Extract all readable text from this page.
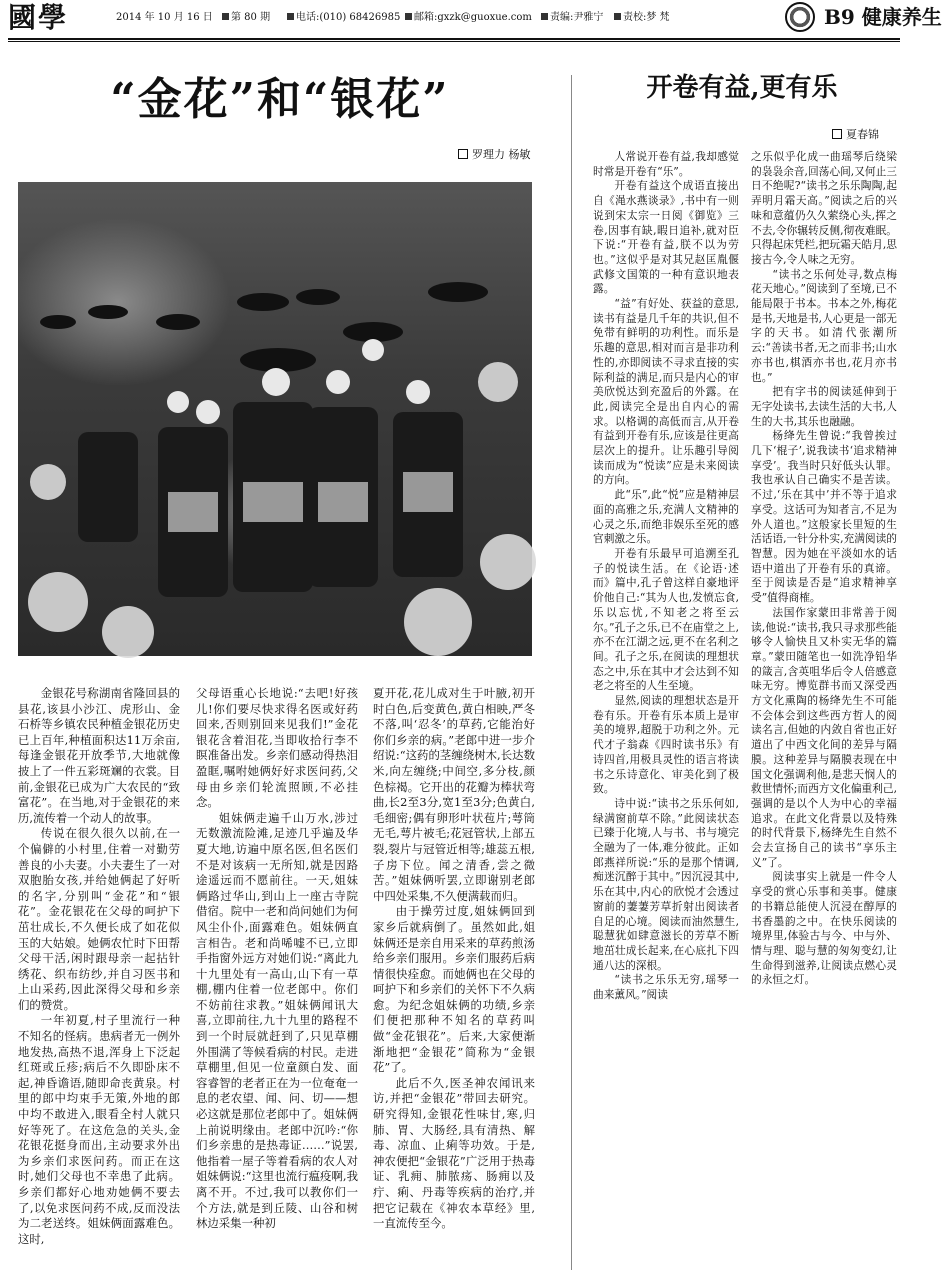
國學	2014 年 10 月 16 日	第 80 期	电话:(010) 68426985	邮箱:gxzk@guoxue.com	责编:尹雅宁	责校:梦 梵	B9 健康养生
“金花”和“银花”
罗理力 杨敏

金银花号称湖南省隆回县的县花,该县小沙江、虎形山、金石桥等乡镇农民种植金银花历史已上百年,种植面积达11万余亩,每逢金银花开放季节,大地就像披上了一件五彩斑斓的衣裳。目前,金银花已成为广大农民的“致富花”。在当地,对于金银花的来历,流传着一个动人的故事。

传说在很久很久以前,在一个偏僻的小村里,住着一对勤劳善良的小夫妻。小夫妻生了一对双胞胎女孩,并给她俩起了好听的名字,分别叫“金花”和“银花”。金花银花在父母的呵护下茁壮成长,不久便长成了如花似玉的大姑娘。她俩农忙时下田帮父母干活,闲时跟母亲一起拈针绣花、织布纺纱,并自习医书和上山采药,因此深得父母和乡亲们的赞赏。

一年初夏,村子里流行一种不知名的怪病。患病者无一例外地发热,高热不退,浑身上下泛起红斑或丘疹;病后不久即卧床不起,神昏谵语,随即命丧黄泉。村里的郎中均束手无策,外地的郎中均不敢进入,眼看全村人就只好等死了。在这危急的关头,金花银花挺身而出,主动要求外出为乡亲们求医问药。而正在这时,她们父母也不幸患了此病。乡亲们都好心地劝她俩不要去了,以免求医问药不成,反而没法为二老送终。姐妹俩面露难色。这时,

父母语重心长地说:“去吧!好孩儿!你们要尽快求得名医或好药回来,否则别回来见我们!”金花银花含着泪花,当即收拾行李不瞑准备出发。乡亲们感动得热泪盈眶,嘱咐她俩好好求医问药,父母由乡亲们轮流照顾,不必挂念。

姐妹俩走遍千山万水,涉过无数激流险滩,足迹几乎遍及华夏大地,访遍中原名医,但名医们不是对该病一无所知,就是因路途遥远而不愿前往。一天,姐妹俩路过华山,到山上一座古寺院借宿。院中一老和尚问她们为何风尘仆仆,面露难色。姐妹俩直言相告。老和尚唏嘘不已,立即手指窗外远方对她们说:“离此九十九里处有一高山,山下有一草棚,棚内住着一位老郎中。你们不妨前往求教。”姐妹俩闻讯大喜,立即前往,九十九里的路程不到一个时辰就赶到了,只见草棚外围满了等候看病的村民。走进草棚里,但见一位童颜白发、面容睿智的老者正在为一位奄奄一息的老农望、闻、问、切——想必这就是那位老郎中了。姐妹俩上前说明缘由。老郎中沉吟:“你们乡亲患的是热毒证……”说罢,他指着一屋子等着看病的农人对姐妹俩说:“这里也流行瘟疫啊,我离不开。不过,我可以教你们一个方法,就是到丘陵、山谷和树林边采集一种初

夏开花,花儿成对生于叶腋,初开时白色,后变黄色,黄白相映,严冬不落,叫‘忍冬’的草药,它能治好你们乡亲的病。”老郎中进一步介绍说:“这药的茎缠绕树木,长达数米,向左缠绕;中间空,多分枝,颜色棕褐。它开出的花瓣为棒状弯曲,长2至3分,宽1至3分;色黄白,毛细密;偶有卵形叶状苞片;萼筒无毛,萼片被毛;花冠管状,上部五裂,裂片与冠管近相等;雄蕊五根,子房下位。闻之清香,尝之微苦。”姐妹俩听罢,立即谢别老郎中四处采集,不久便满载而归。

由于操劳过度,姐妹俩回到家乡后就病倒了。虽然如此,姐妹俩还是亲自用采来的草药煎汤给乡亲们服用。乡亲们服药后病情很快痊愈。而她俩也在父母的呵护下和乡亲们的关怀下不久病愈。为纪念姐妹俩的功绩,乡亲们便把那种不知名的草药叫做“金花银花”。后来,大家便渐渐地把“金银花”简称为“金银花”了。

此后不久,医圣神农闻讯来访,并把“金银花”带回去研究。研究得知,金银花性味甘,寒,归肺、胃、大肠经,具有清热、解毒、凉血、止痢等功效。于是,神农便把“金银花”广泛用于热毒证、乳痈、肺脓疡、肠痈以及疔、痢、丹毒等疾病的治疗,并把它记载在《神农本草经》里,一直流传至今。

开卷有益,更有乐
夏春锦

人常说开卷有益,我却感觉时常是开卷有“乐”。

开卷有益这个成语直接出自《渑水燕谈录》,书中有一则说到宋太宗一日阅《御览》三卷,因事有缺,暇日追补,就对臣下说:“开卷有益,朕不以为劳也。”这似乎是对其兄赵匡胤偃武修文国策的一种有意识地表露。

“益”有好处、获益的意思,读书有益是几千年的共识,但不免带有鲜明的功利性。而乐是乐趣的意思,相对而言是非功利性的,亦即阅读不寻求直接的实际利益的满足,而只是内心的审美欣悦达到充盈后的外露。在此,阅读完全是出自内心的需求。以格调的高低而言,从开卷有益到开卷有乐,应该是往更高层次上的提升。让乐趣引导阅读而成为“悦读”应是未来阅读的方向。

此“乐”,此“悦”应是精神层面的高雅之乐,充满人文精神的心灵之乐,而绝非娱乐至死的感官刺激之乐。

开卷有乐最早可追溯至孔子的悦读生活。在《论语·述而》篇中,孔子曾这样自豪地评价他自己:“其为人也,发愤忘食,乐以忘忧,不知老之将至云尔。”孔子之乐,已不在庙堂之上,亦不在江湖之远,更不在名利之间。孔子之乐,在阅读的理想状态之中,乐在其中才会达到不知老之将至的人生至境。

显然,阅读的理想状态是开卷有乐。开卷有乐本质上是审美的境界,超脱于功利之外。元代才子翁森《四时读书乐》有诗四首,用极具灵性的语言将读书之乐诗意化、审美化到了极致。

诗中说:“读书之乐乐何如,绿满窗前草不除。”此阅读状态已臻于化境,人与书、书与境完全融为了一体,难分彼此。正如郎燕祥所说:“乐的是那个情调,痴迷沉醉于其中。”因沉浸其中,乐在其中,内心的欣悦才会透过窗前的萋萋芳草折射出阅读者自足的心境。阅读而油然慧生,聪慧犹如肆意滋长的芳草不断地茁壮成长起来,在心底扎下四通八达的深根。

“读书之乐乐无穷,瑶琴一曲来薰风。”阅读

之乐似乎化成一曲瑶琴后绕梁的袅袅余音,回荡心间,又何止三日不绝呢?“读书之乐乐陶陶,起弄明月霜天高。”阅读之后的兴味和意蕴仍久久萦绕心头,挥之不去,令你辗转反侧,彻夜难眠。只得起床凭栏,把玩霜天皓月,思接古今,令人味之无穷。

“读书之乐何处寻,数点梅花天地心。”阅读到了至境,已不能局限于书本。书本之外,梅花是书,天地是书,人心更是一部无字的天书。如清代张潮所云:“善读书者,无之而非书;山水亦书也,棋酒亦书也,花月亦书也。”

把有字书的阅读延伸到于无字处读书,去读生活的大书,人生的大书,其乐也融融。

杨绛先生曾说:“我曾挨过几下‘棍子’,说我读书‘追求精神享受’。我当时只好低头认罪。我也承认自己确实不是苦读。不过,‘乐在其中’并不等于追求享受。这话可为知者言,不足为外人道也。”这般家长里短的生活话语,一针分朴实,充满阅读的智慧。因为她在平淡如水的话语中道出了开卷有乐的真谛。至于阅读是否是“追求精神享受”值得商榷。

法国作家蒙田非常善于阅读,他说:“读书,我只寻求那些能够令人愉快且又朴实无华的篇章。”蒙田随笔也一如洗净铅华的箴言,含英咀华后令人倍感意味无穷。博览群书而又深受西方文化熏陶的杨绛先生不可能不会体会到这些西方哲人的阅读名言,但她的内敛自省也正好道出了中西文化间的差异与隔膜。这种差异与隔膜表现在中国文化强调利他,是悲天悯人的救世情怀;而西方文化偏重利己,强调的是以个人为中心的幸福追求。在此文化背景以及特殊的时代背景下,杨绛先生自然不会去宣扬自己的读书“享乐主义”了。

阅读事实上就是一件令人享受的赏心乐事和美事。健康的书籍总能使人沉浸在醇厚的书香墨韵之中。在快乐阅读的境界里,体验古与今、中与外、情与理、聪与慧的匆匆变幻,让生命得到滋养,让阅读点燃心灵的永恒之灯。
